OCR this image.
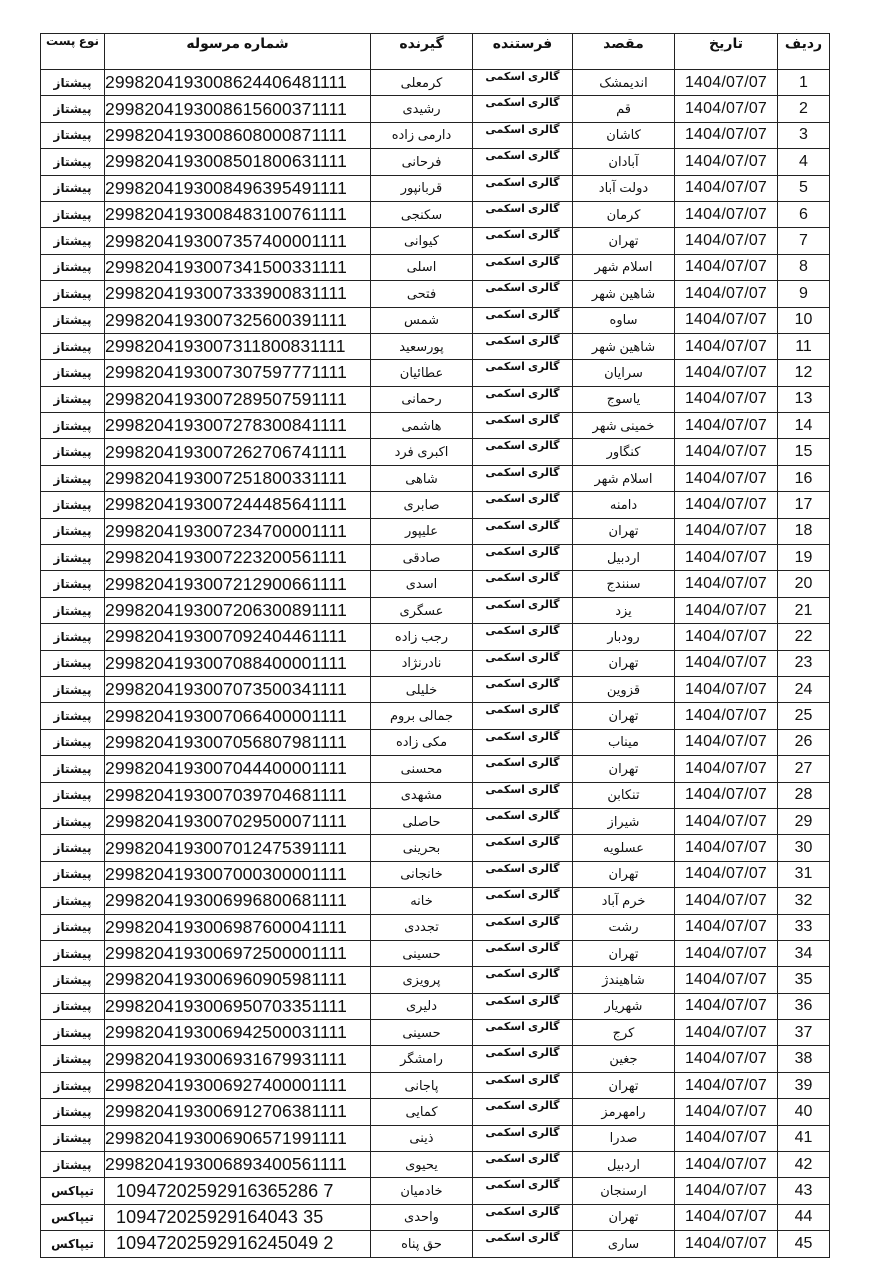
ردیف	تاریخ	مقصد	فرستنده	گیرنده	شماره مرسوله	نوع پست
1	1404/07/07	اندیمشک	گالری اسکمی	کرمعلی	2998204193008624406481111	پیشتاز
2	1404/07/07	قم	گالری اسکمی	رشیدی	2998204193008615600371111	پیشتاز
3	1404/07/07	کاشان	گالری اسکمی	دارمی زاده	2998204193008608000871111	پیشتاز
4	1404/07/07	آبادان	گالری اسکمی	فرحانی	2998204193008501800631111	پیشتاز
5	1404/07/07	دولت آباد	گالری اسکمی	قربانپور	2998204193008496395491111	پیشتاز
6	1404/07/07	کرمان	گالری اسکمی	سکنجی	2998204193008483100761111	پیشتاز
7	1404/07/07	تهران	گالری اسکمی	کیوانی	2998204193007357400001111	پیشتاز
8	1404/07/07	اسلام شهر	گالری اسکمی	اسلی	2998204193007341500331111	پیشتاز
9	1404/07/07	شاهین شهر	گالری اسکمی	فتحی	2998204193007333900831111	پیشتاز
10	1404/07/07	ساوه	گالری اسکمی	شمس	2998204193007325600391111	پیشتاز
11	1404/07/07	شاهین شهر	گالری اسکمی	پورسعید	2998204193007311800831111	پیشتاز
12	1404/07/07	سرایان	گالری اسکمی	عطائیان	2998204193007307597771111	پیشتاز
13	1404/07/07	یاسوج	گالری اسکمی	رحمانی	2998204193007289507591111	پیشتاز
14	1404/07/07	خمینی شهر	گالری اسکمی	هاشمی	2998204193007278300841111	پیشتاز
15	1404/07/07	کنگاور	گالری اسکمی	اکبری فرد	2998204193007262706741111	پیشتاز
16	1404/07/07	اسلام شهر	گالری اسکمی	شاهی	2998204193007251800331111	پیشتاز
17	1404/07/07	دامنه	گالری اسکمی	صابری	2998204193007244485641111	پیشتاز
18	1404/07/07	تهران	گالری اسکمی	علیپور	2998204193007234700001111	پیشتاز
19	1404/07/07	اردبیل	گالری اسکمی	صادقی	2998204193007223200561111	پیشتاز
20	1404/07/07	سنندج	گالری اسکمی	اسدی	2998204193007212900661111	پیشتاز
21	1404/07/07	یزد	گالری اسکمی	عسگری	2998204193007206300891111	پیشتاز
22	1404/07/07	رودبار	گالری اسکمی	رجب زاده	2998204193007092404461111	پیشتاز
23	1404/07/07	تهران	گالری اسکمی	نادرنژاد	2998204193007088400001111	پیشتاز
24	1404/07/07	قزوین	گالری اسکمی	خلیلی	2998204193007073500341111	پیشتاز
25	1404/07/07	تهران	گالری اسکمی	جمالی بروم	2998204193007066400001111	پیشتاز
26	1404/07/07	میناب	گالری اسکمی	مکی زاده	2998204193007056807981111	پیشتاز
27	1404/07/07	تهران	گالری اسکمی	محسنی	2998204193007044400001111	پیشتاز
28	1404/07/07	تنکابن	گالری اسکمی	مشهدی	2998204193007039704681111	پیشتاز
29	1404/07/07	شیراز	گالری اسکمی	حاصلی	2998204193007029500071111	پیشتاز
30	1404/07/07	عسلویه	گالری اسکمی	بحرینی	2998204193007012475391111	پیشتاز
31	1404/07/07	تهران	گالری اسکمی	خانجانی	2998204193007000300001111	پیشتاز
32	1404/07/07	خرم آباد	گالری اسکمی	خانه	2998204193006996800681111	پیشتاز
33	1404/07/07	رشت	گالری اسکمی	تجددی	2998204193006987600041111	پیشتاز
34	1404/07/07	تهران	گالری اسکمی	حسینی	2998204193006972500001111	پیشتاز
35	1404/07/07	شاهیندژ	گالری اسکمی	پرویزی	2998204193006960905981111	پیشتاز
36	1404/07/07	شهریار	گالری اسکمی	دلیری	2998204193006950703351111	پیشتاز
37	1404/07/07	کرج	گالری اسکمی	حسینی	2998204193006942500031111	پیشتاز
38	1404/07/07	جغین	گالری اسکمی	رامشگر	2998204193006931679931111	پیشتاز
39	1404/07/07	تهران	گالری اسکمی	پاجانی	2998204193006927400001111	پیشتاز
40	1404/07/07	رامهرمز	گالری اسکمی	کمایی	2998204193006912706381111	پیشتاز
41	1404/07/07	صدرا	گالری اسکمی	ذینی	2998204193006906571991111	پیشتاز
42	1404/07/07	اردبیل	گالری اسکمی	یحیوی	2998204193006893400561111	پیشتاز
43	1404/07/07	ارسنجان	گالری اسکمی	خادمیان	10947202592916365286 7	تیپاکس
44	1404/07/07	تهران	گالری اسکمی	واحدی	109472025929164043 35	تیپاکس
45	1404/07/07	ساری	گالری اسکمی	حق پناه	10947202592916245049 2	تیپاکس
